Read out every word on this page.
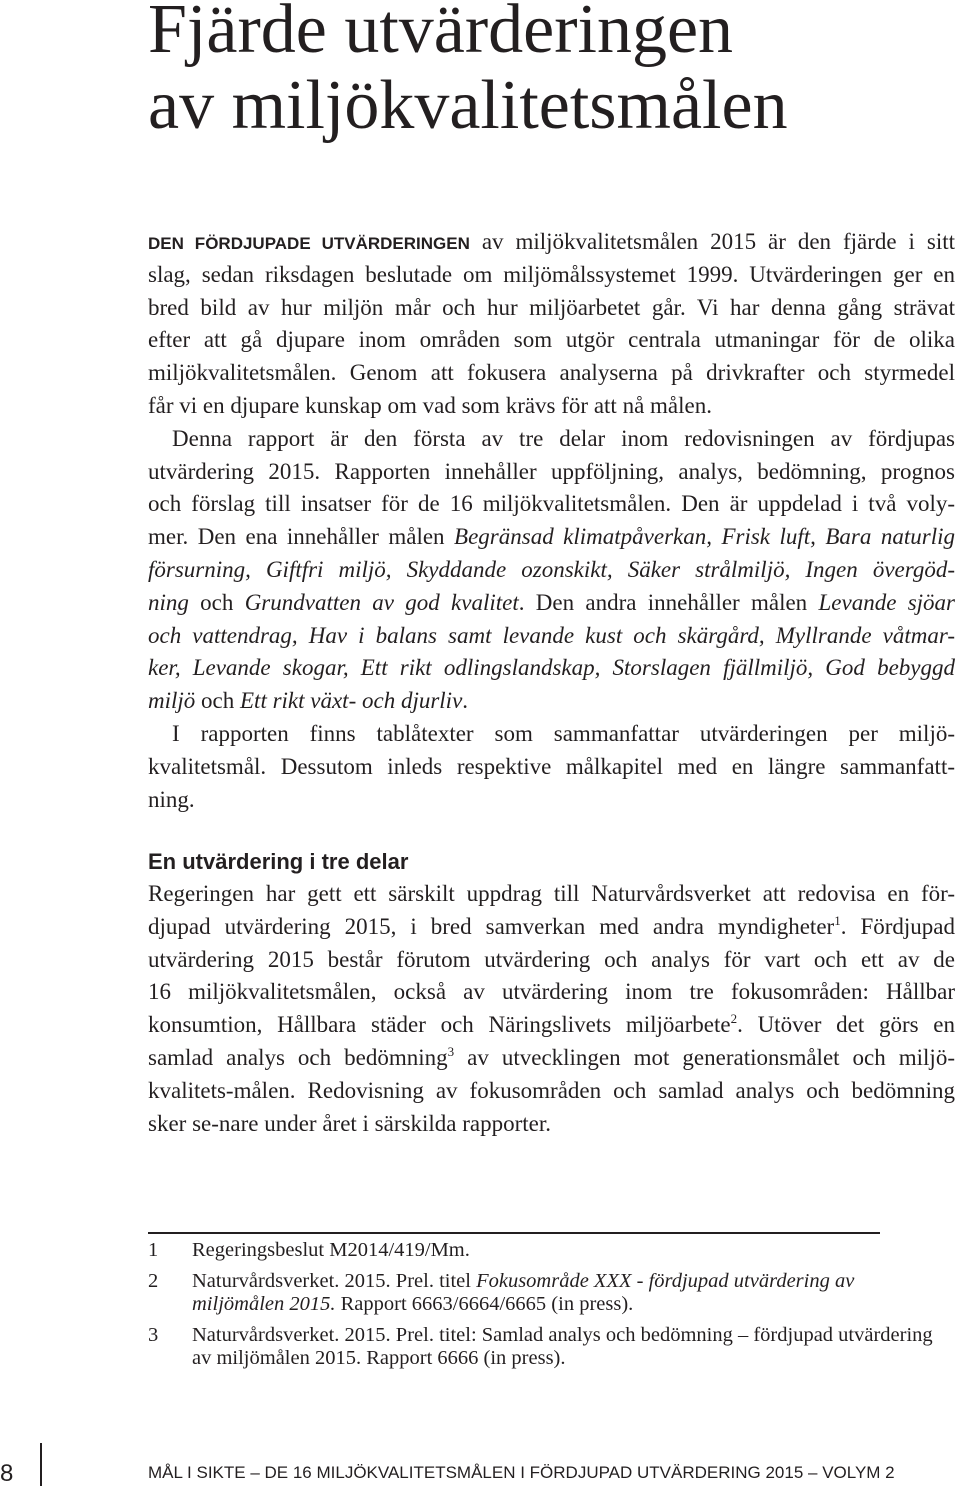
Fjärde utvärderingen
av miljökvalitetsmålen
DEN FÖRDJUPADE UTVÄRDERINGEN av miljökvalitetsmålen 2015 är den fjärde i sitt
slag, sedan riksdagen beslutade om miljömålssystemet 1999. Utvärderingen ger en
bred bild av hur miljön mår och hur miljöarbetet går. Vi har denna gång strävat
efter att gå djupare inom områden som utgör centrala utmaningar för de olika
miljökvalitetsmålen. Genom att fokusera analyserna på drivkrafter och styrmedel
får vi en djupare kunskap om vad som krävs för att nå målen.
Denna rapport är den första av tre delar inom redovisningen av fördjupas
utvärdering 2015. Rapporten innehåller uppföljning, analys, bedömning, prognos
och förslag till insatser för de 16 miljökvalitetsmålen. Den är uppdelad i två voly-
mer. Den ena innehåller målen Begränsad klimatpåverkan, Frisk luft, Bara naturlig
försurning, Giftfri miljö, Skyddande ozonskikt, Säker strålmiljö, Ingen övergöd-
ning och Grundvatten av god kvalitet. Den andra innehåller målen Levande sjöar
och vattendrag, Hav i balans samt levande kust och skärgård, Myllrande våtmar-
ker, Levande skogar, Ett rikt odlingslandskap, Storslagen fjällmiljö, God bebyggd
miljö och Ett rikt växt- och djurliv.
I rapporten finns tablåtexter som sammanfattar utvärderingen per miljö-
kvalitetsmål. Dessutom inleds respektive målkapitel med en längre sammanfatt-
ning.
En utvärdering i tre delar
Regeringen har gett ett särskilt uppdrag till Naturvårdsverket att redovisa en för-
djupad utvärdering 2015, i bred samverkan med andra myndigheter$^1$. Fördjupad
utvärdering 2015 består förutom utvärdering och analys för vart och ett av de
16 miljökvalitetsmålen, också av utvärdering inom tre fokusområden: Hållbar
konsumtion, Hållbara städer och Näringslivets miljöarbete$^2$. Utöver det görs en
samlad analys och bedömning$^3$ av utvecklingen mot generationsmålet och miljö-
kvalitets-målen. Redovisning av fokusområden och samlad analys och bedömning
sker se-nare under året i särskilda rapporter.
1 Regeringsbeslut M2014/419/Mm.
2 Naturvårdsverket. 2015. Prel. titel Fokusområde XXX - fördjupad utvärdering av
miljömålen 2015. Rapport 6663/6664/6665 (in press).
3 Naturvårdsverket. 2015. Prel. titel: Samlad analys och bedömning – fördjupad utvärdering
av miljömålen 2015. Rapport 6666 (in press).
8	MÅL I SIKTE – DE 16 MILJÖKVALITETSMÅLEN I FÖRDJUPAD UTVÄRDERING 2015 – VOLYM 2
